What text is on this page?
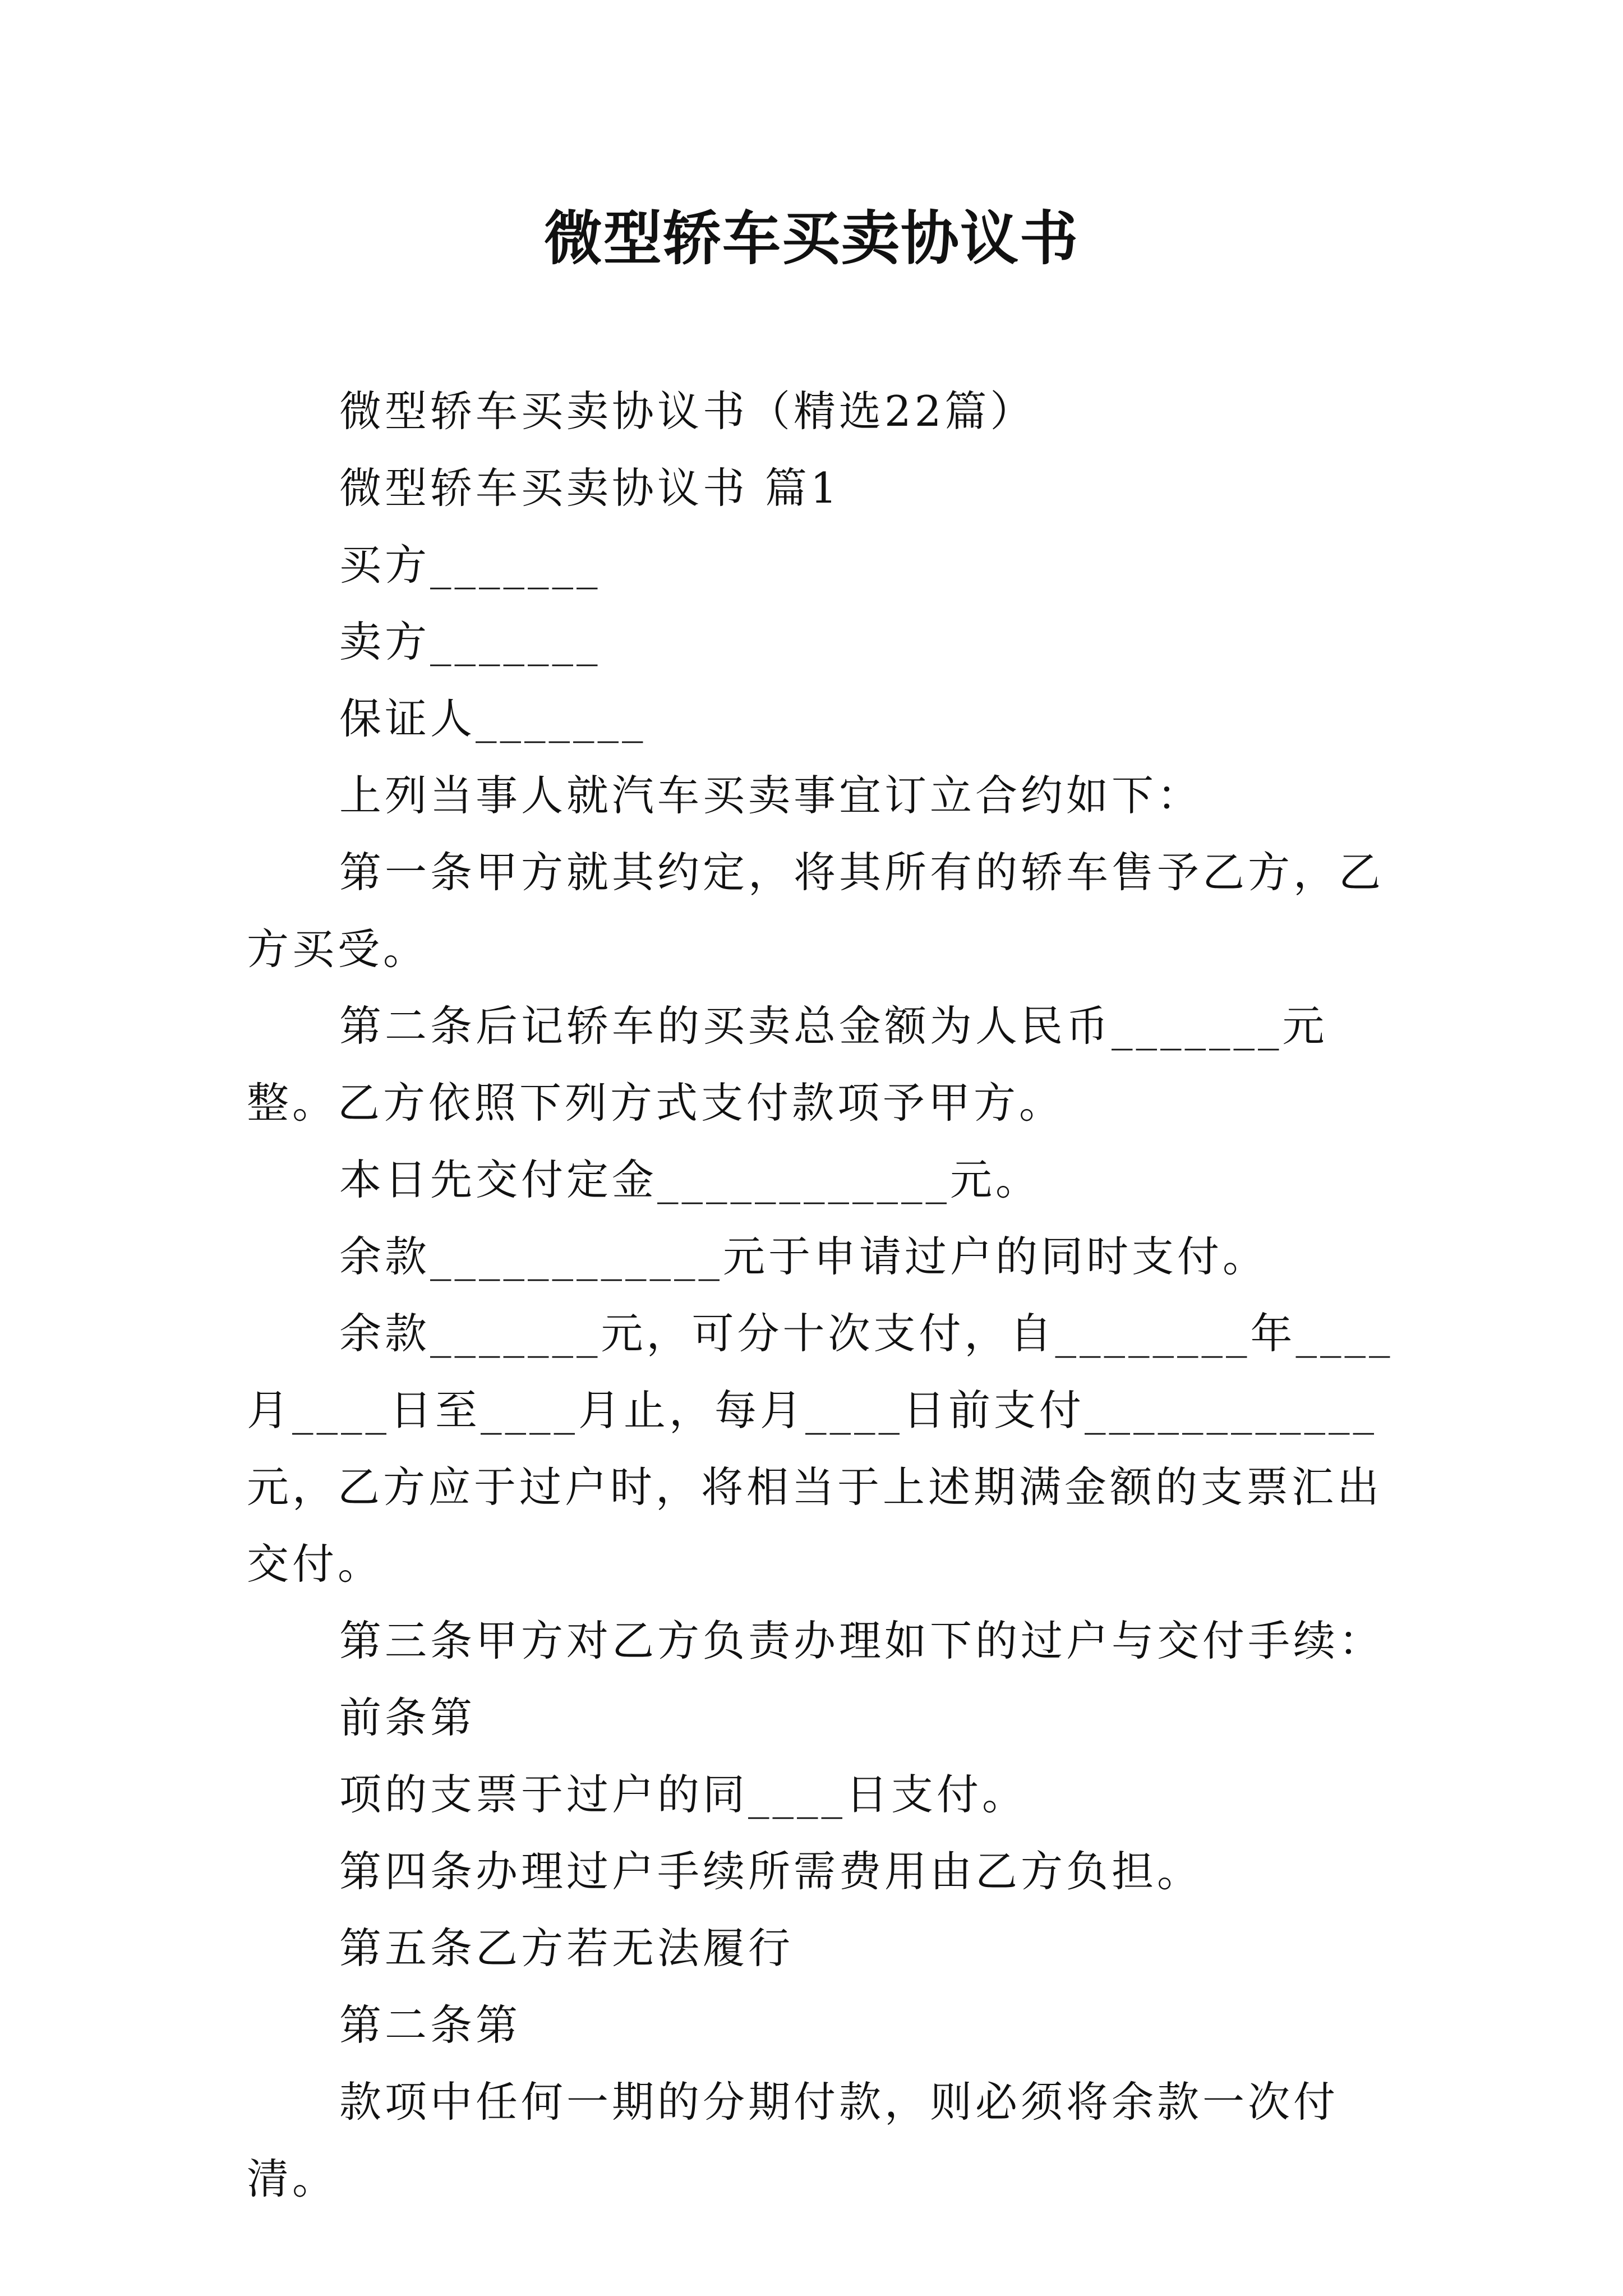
微型轿车买卖协议书

微型轿车买卖协议书（精选22篇）

微型轿车买卖协议书 篇1

买方_______

卖方_______

保证人_______

上列当事人就汽车买卖事宜订立合约如下：

第一条甲方就其约定，将其所有的轿车售予乙方，乙方买受。

第二条后记轿车的买卖总金额为人民币_______元整。乙方依照下列方式支付款项予甲方。

本日先交付定金____________元。

余款____________元于申请过户的同时支付。

余款_______元，可分十次支付，自________年____月____日至____月止，每月____日前支付____________元，乙方应于过户时，将相当于上述期满金额的支票汇出交付。

第三条甲方对乙方负责办理如下的过户与交付手续：

前条第

项的支票于过户的同____日支付。

第四条办理过户手续所需费用由乙方负担。

第五条乙方若无法履行

第二条第

款项中任何一期的分期付款，则必须将余款一次付清。
